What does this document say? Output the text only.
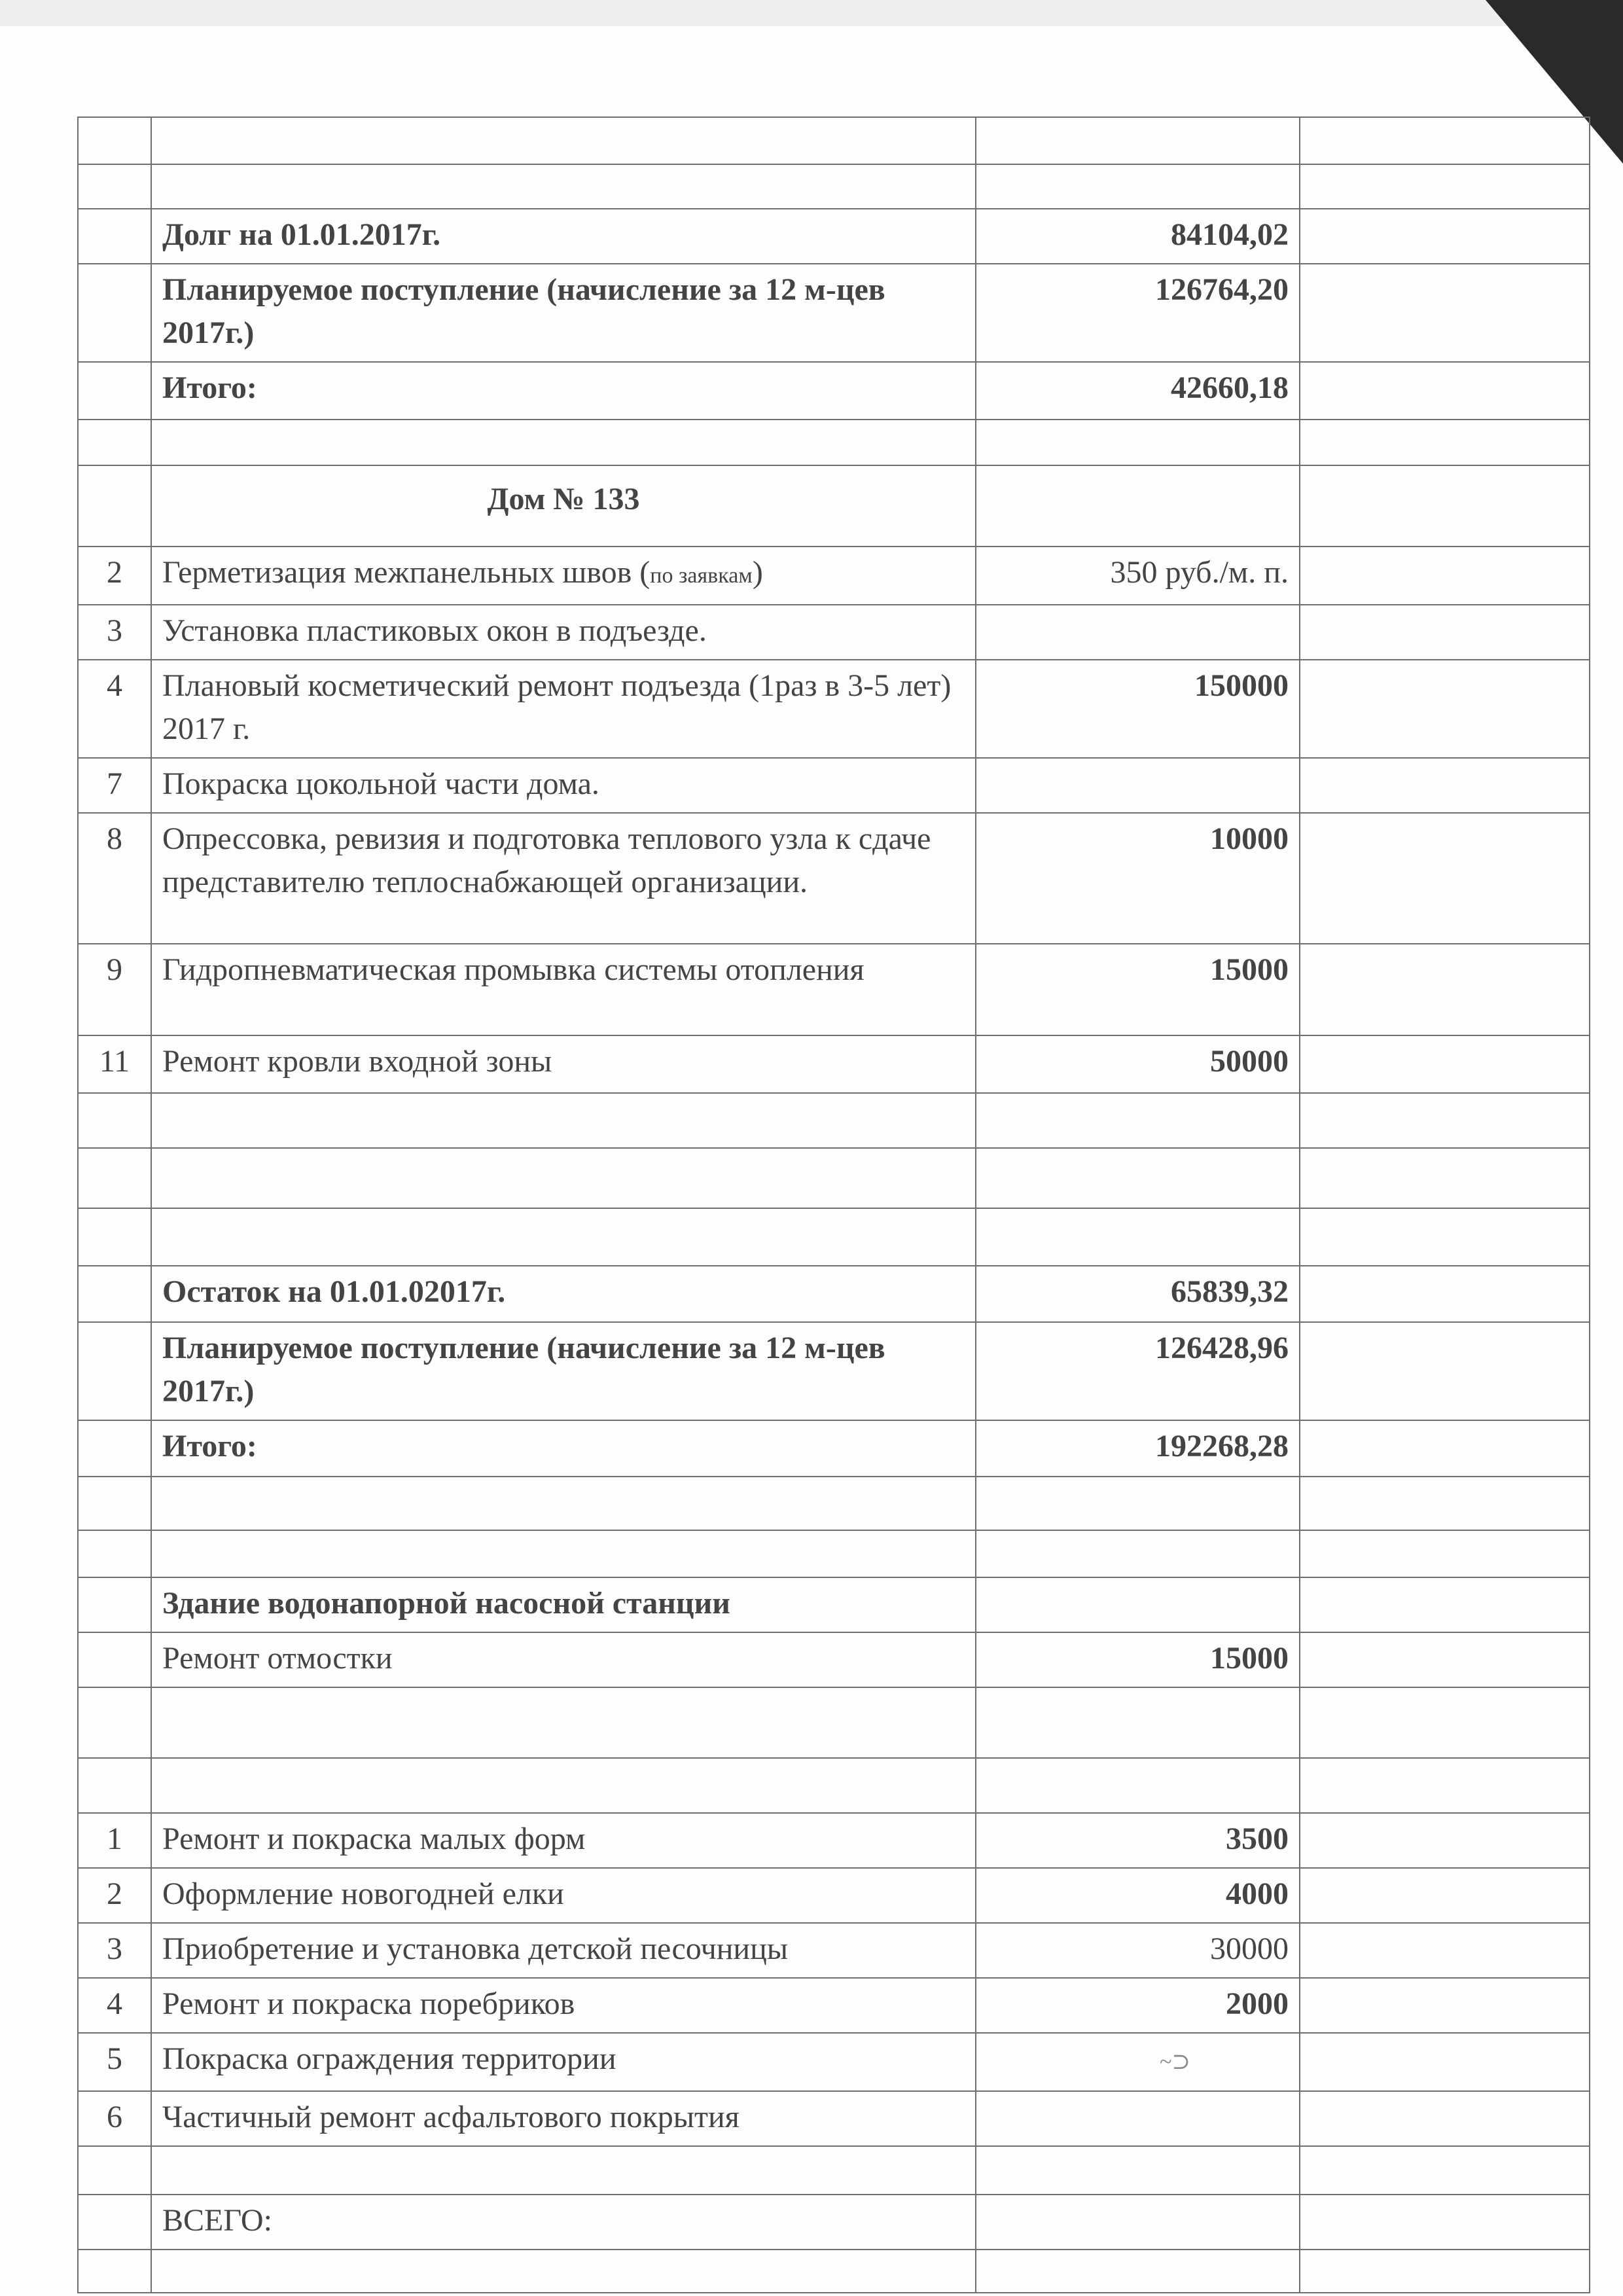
	Долг на 01.01.2017г.	84104,02	
	Планируемое поступление (начисление за 12 м-цев 2017г.)	126764,20	
	Итого:	42660,18	

	Дом № 133		
2	Герметизация межпанельных швов (по заявкам)	350 руб./м. п.	
3	Установка пластиковых окон в подъезде.		
4	Плановый косметический ремонт подъезда (1раз в 3-5 лет) 2017 г.	150000	
7	Покраска цокольной части дома.		
8	Опрессовка, ревизия и подготовка теплового узла к сдаче представителю теплоснабжающей организации.	10000	
9	Гидропневматическая промывка системы отопления	15000	
11	Ремонт кровли входной зоны	50000	

	Остаток на 01.01.02017г.	65839,32	
	Планируемое поступление (начисление за 12 м-цев 2017г.)	126428,96	
	Итого:	192268,28	

	Здание водонапорной насосной станции		
	Ремонт отмостки	15000	

1	Ремонт и покраска малых форм	3500	
2	Оформление новогодней елки	4000	
3	Приобретение и установка детской песочницы	30000	
4	Ремонт и покраска поребриков	2000	
5	Покраска ограждения территории	~⊃	
6	Частичный ремонт асфальтового покрытия		

	ВСЕГО:		
